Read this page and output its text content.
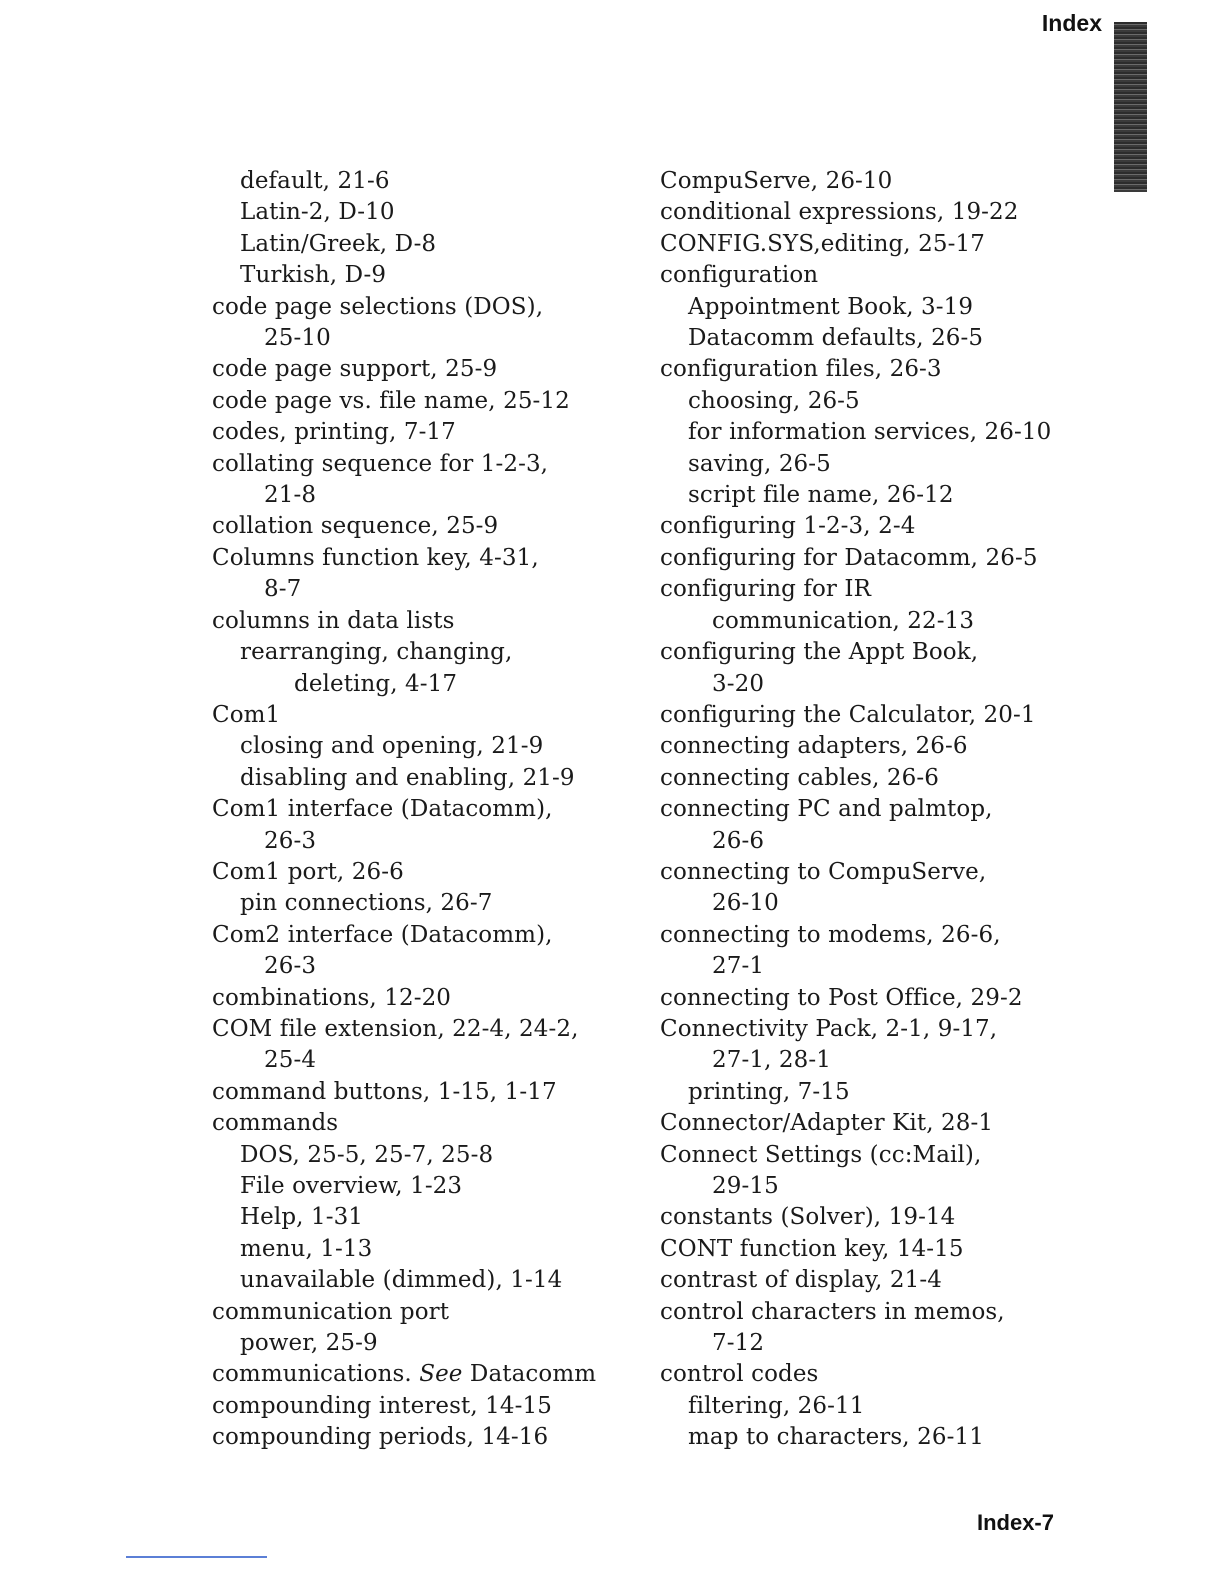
Index
default, 21-6
Latin-2, D-10
Latin/Greek, D-8
Turkish, D-9
code page selections (DOS),
25-10
code page support, 25-9
code page vs. file name, 25-12
codes, printing, 7-17
collating sequence for 1-2-3,
21-8
collation sequence, 25-9
Columns function key, 4-31,
8-7
columns in data lists
rearranging, changing,
deleting, 4-17
Com1
closing and opening, 21-9
disabling and enabling, 21-9
Com1 interface (Datacomm),
26-3
Com1 port, 26-6
pin connections, 26-7
Com2 interface (Datacomm),
26-3
combinations, 12-20
COM file extension, 22-4, 24-2,
25-4
command buttons, 1-15, 1-17
commands
DOS, 25-5, 25-7, 25-8
File overview, 1-23
Help, 1-31
menu, 1-13
unavailable (dimmed), 1-14
communication port
power, 25-9
communications. See Datacomm
compounding interest, 14-15
compounding periods, 14-16
CompuServe, 26-10
conditional expressions, 19-22
CONFIG.SYS,editing, 25-17
configuration
Appointment Book, 3-19
Datacomm defaults, 26-5
configuration files, 26-3
choosing, 26-5
for information services, 26-10
saving, 26-5
script file name, 26-12
configuring 1-2-3, 2-4
configuring for Datacomm, 26-5
configuring for IR
communication, 22-13
configuring the Appt Book,
3-20
configuring the Calculator, 20-1
connecting adapters, 26-6
connecting cables, 26-6
connecting PC and palmtop,
26-6
connecting to CompuServe,
26-10
connecting to modems, 26-6,
27-1
connecting to Post Office, 29-2
Connectivity Pack, 2-1, 9-17,
27-1, 28-1
printing, 7-15
Connector/Adapter Kit, 28-1
Connect Settings (cc:Mail),
29-15
constants (Solver), 19-14
CONT function key, 14-15
contrast of display, 21-4
control characters in memos,
7-12
control codes
filtering, 26-11
map to characters, 26-11
Index-7
